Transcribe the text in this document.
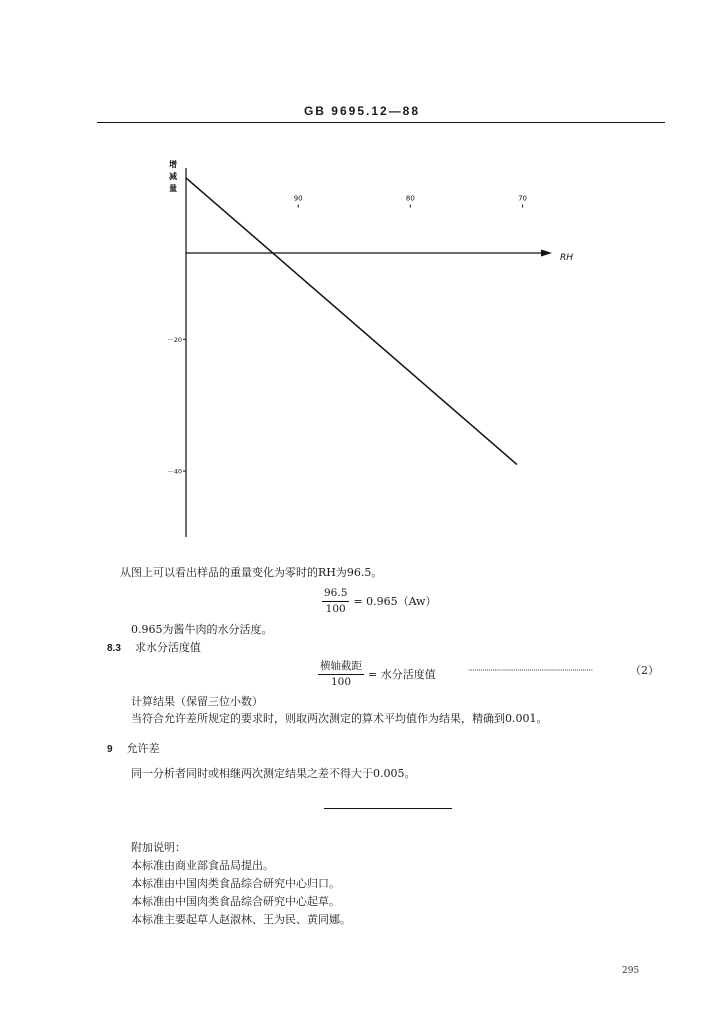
GB 9695.12—88
增
减
量
RH
90	80	70
－20
－40
从图上可以看出样品的重量变化为零时的RH为96.5。
$\frac{96.5}{100} = 0.965(Aw)$
0.965为酱牛肉的水分活度。
8.3 求水分活度值
$\frac{\text{横轴截距}}{100}$ = 水分活度值	·····························································	（2）
计算结果（保留三位小数）
当符合允许差所规定的要求时，则取两次测定的算术平均值作为结果，精确到0.001。
9 允许差
同一分析者同时或相继两次测定结果之差不得大于0.005。
附加说明：
本标准由商业部食品局提出。
本标准由中国肉类食品综合研究中心归口。
本标准由中国肉类食品综合研究中心起草。
本标准主要起草人赵淑林、王为民、黄同娜。
295
